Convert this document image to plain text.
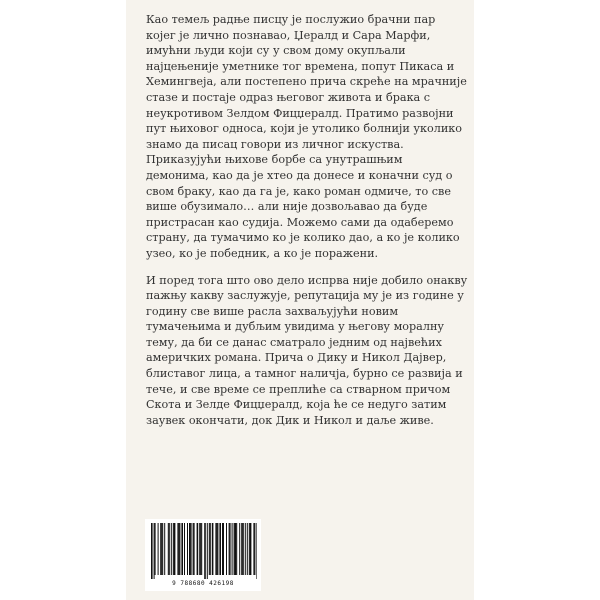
Као темељ радње писцу је послужио брачни пар којег је лично познавао, Џералд и Сара Марфи, имућни људи који су у свом дому окупљали најцењеније уметнике тог времена, попут Пикаса и Хемингвеја, али постепено прича скреће на мрачније стазе и постаје одраз његовог живота и брака с неукротивом Зелдом Фицџералд. Пратимо развојни пут њиховог односа, који је утолико болнији уколико знамо да писац говори из личног искуства. Приказујући њихове борбе са унутрашњим демонима, као да је хтео да донесе и коначни суд о свом браку, као да га је, како роман одмиче, то све више обузимало… али није дозвољавао да буде пристрасан као судија. Можемо сами да одаберемо страну, да тумачимо ко је колико дао, а ко је колико узео, ко је победник, а ко је поражени.

И поред тога што ово дело испрва није добило онакву пажњу какву заслужује, репутација му је из године у годину све више расла захваљујући новим тумачењима и дубљим увидима у његову моралну тему, да би се данас сматрало једним од највећих америчких романа. Прича о Дику и Никол Дајвер, блиставог лица, а тамног наличја, бурно се развија и тече, и све време се преплиће са стварном причом Скота и Зелде Фицџералд, која ће се недуго затим заувек окончати, док Дик и Никол и даље живе.

9 788680 426198
